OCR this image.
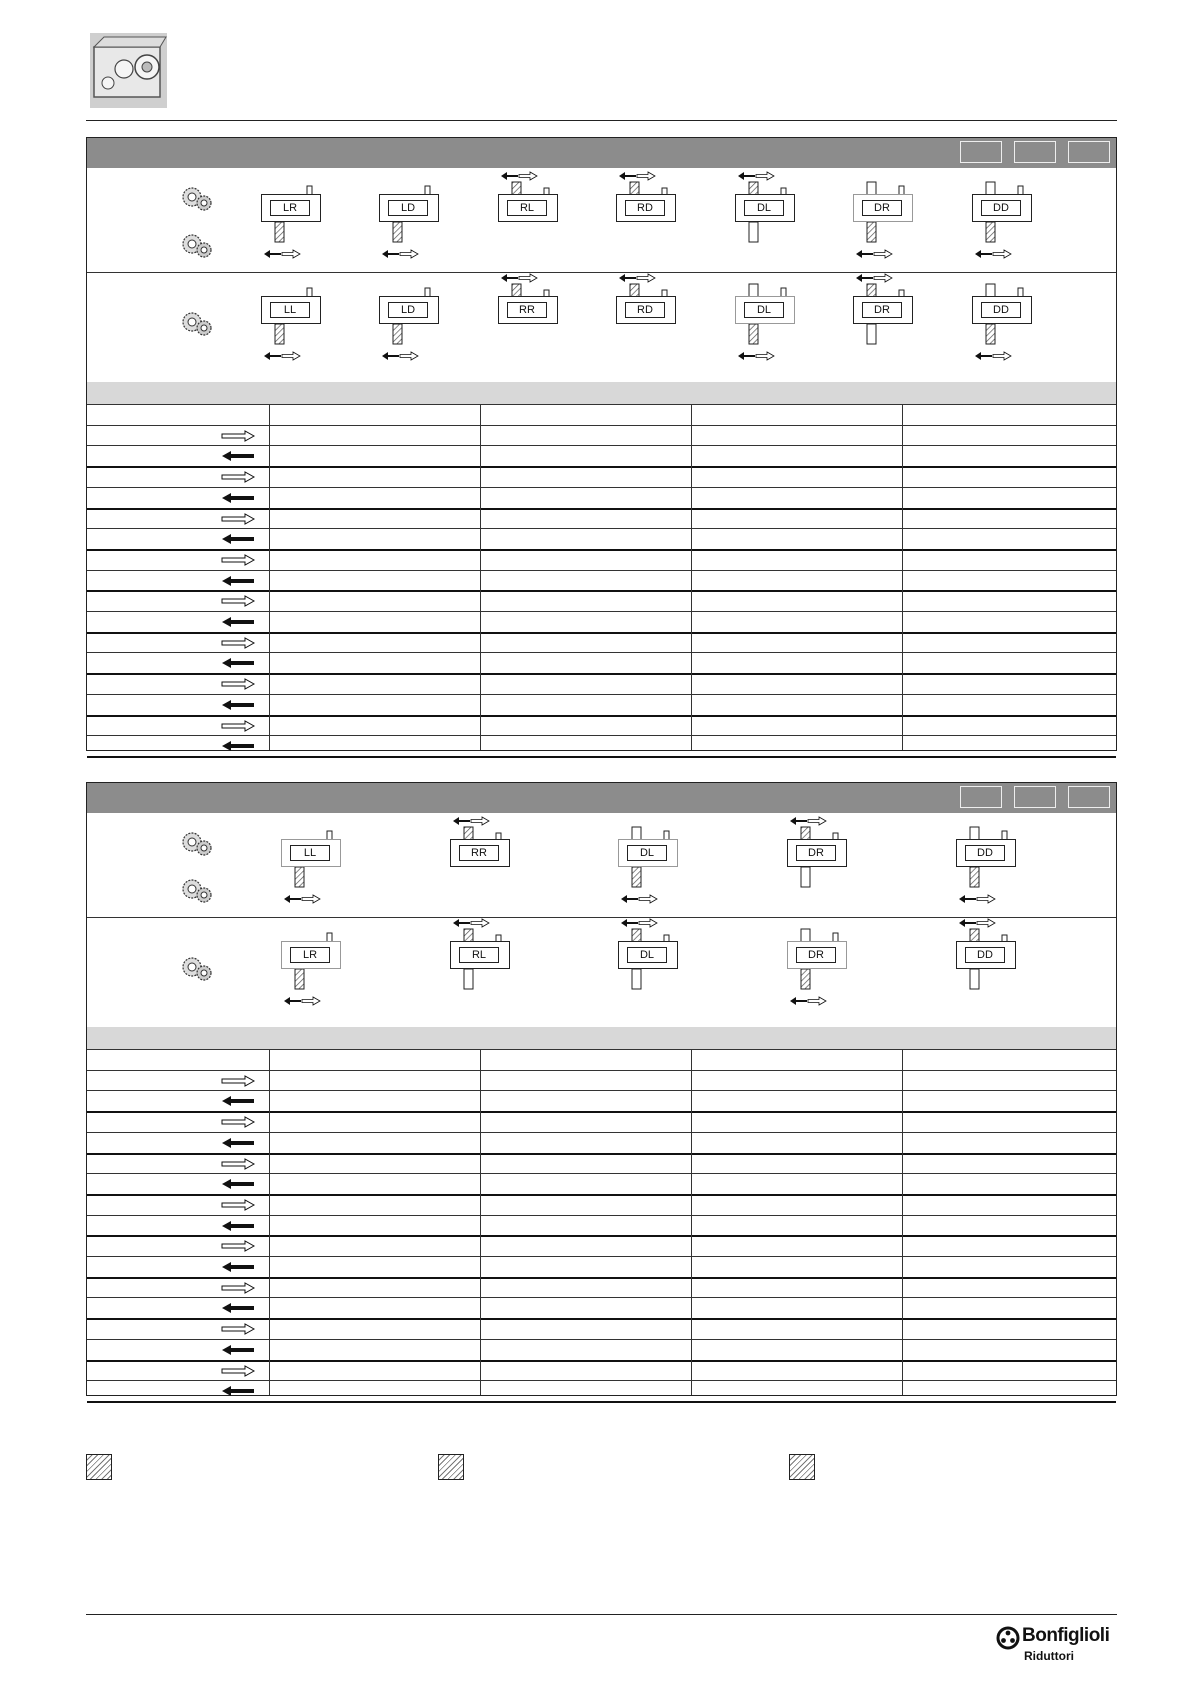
LR	LD	RL	RD	DL	DR	DD
LL	LD	RR	RD	DL	DR	DD
LL	RR	DL	DR	DD
LR	RL	DL	DR	DD
Bonfiglioli
Riduttori
